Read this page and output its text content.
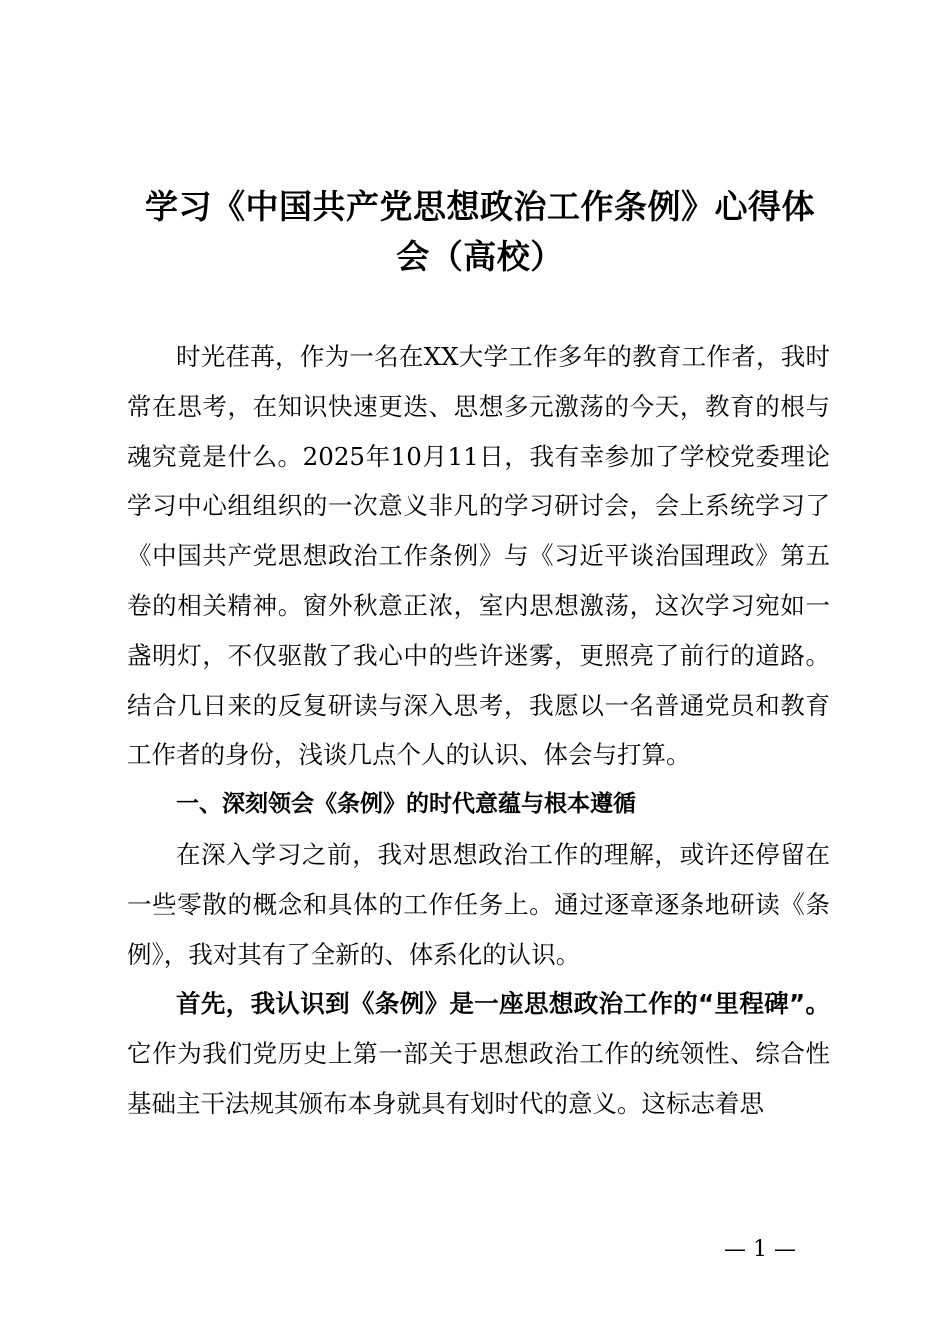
学习《中国共产党思想政治工作条例》心得体
会（高校）

时光荏苒，作为一名在XX大学工作多年的教育工作者，我时常在思考，在知识快速更迭、思想多元激荡的今天，教育的根与魂究竟是什么。2025年10月11日，我有幸参加了学校党委理论学习中心组组织的一次意义非凡的学习研讨会，会上系统学习了《中国共产党思想政治工作条例》与《习近平谈治国理政》第五卷的相关精神。窗外秋意正浓，室内思想激荡，这次学习宛如一盏明灯，不仅驱散了我心中的些许迷雾，更照亮了前行的道路。结合几日来的反复研读与深入思考，我愿以一名普通党员和教育工作者的身份，浅谈几点个人的认识、体会与打算。

一、深刻领会《条例》的时代意蕴与根本遵循

在深入学习之前，我对思想政治工作的理解，或许还停留在一些零散的概念和具体的工作任务上。通过逐章逐条地研读《条例》，我对其有了全新的、体系化的认识。

首先，我认识到《条例》是一座思想政治工作的“里程碑”。它作为我们党历史上第一部关于思想政治工作的统领性、综合性基础主干法规其颁布本身就具有划时代的意义。这标志着思

— 1 —
